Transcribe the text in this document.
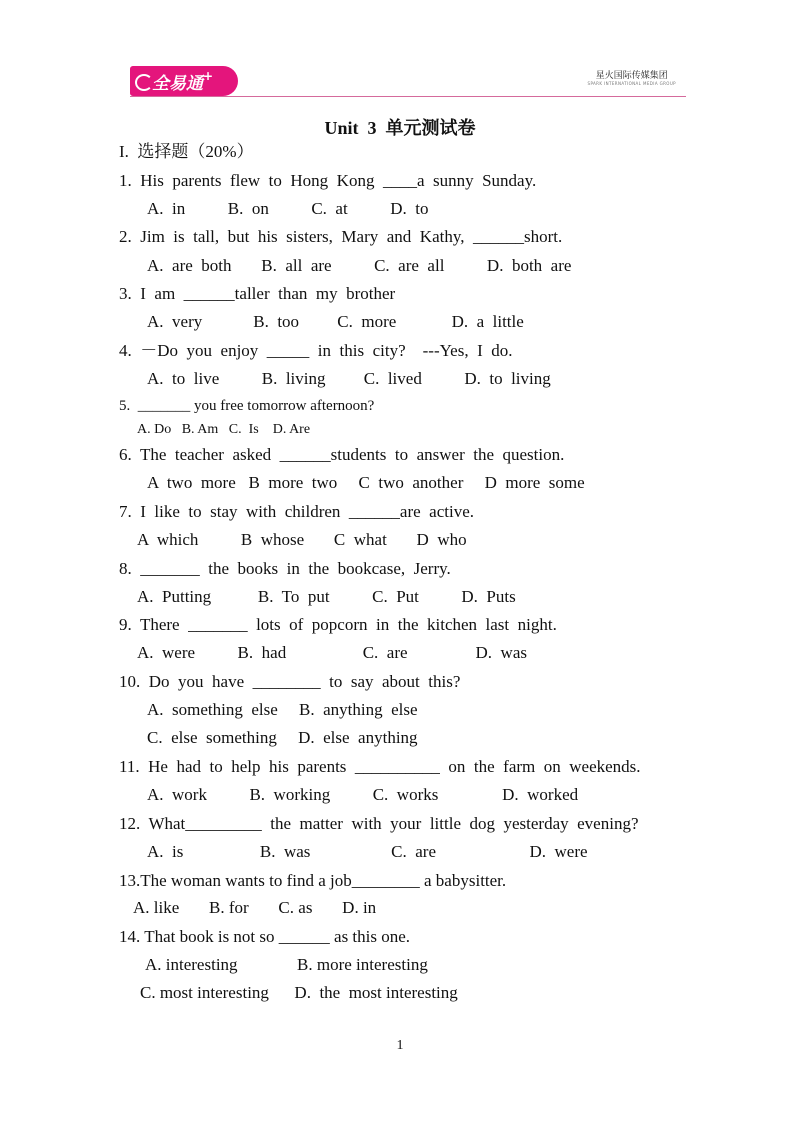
全易通+	星火国际传媒集团
SPARK INTERNATIONAL MEDIA GROUP
Unit  3  单元测试卷
I.  选择题（20%）
1.  His  parents  flew  to  Hong  Kong  ____a  sunny  Sunday.
A.  in          B.  on          C.  at          D.  to
2.  Jim  is  tall,  but  his  sisters,  Mary  and  Kathy,  ______short.
A.  are  both       B.  all  are          C.  are  all          D.  both  are
3.  I  am  ______taller  than  my  brother
A.  very            B.  too         C.  more             D.  a  little
4.  －Do  you  enjoy  _____  in  this  city?    ---Yes,  I  do.
A.  to  live          B.  living         C.  lived          D.  to  living
5.  _______ you free tomorrow afternoon?
A. Do   B. Am   C.  Is    D. Are
6.  The  teacher  asked  ______students  to  answer  the  question.
A  two  more   B  more  two     C  two  another     D  more  some
7.  I  like  to  stay  with  children  ______are  active.
A  which          B  whose       C  what       D  who
8.  _______  the  books  in  the  bookcase,  Jerry.
A.  Putting           B.  To  put          C.  Put          D.  Puts
9.  There  _______  lots  of  popcorn  in  the  kitchen  last  night.
A.  were          B.  had                  C.  are                D.  was
10.  Do  you  have  ________  to  say  about  this?
A.  something  else     B.  anything  else
C.  else  something     D.  else  anything
11.  He  had  to  help  his  parents  __________  on  the  farm  on  weekends.
A.  work          B.  working          C.  works               D.  worked
12.  What_________  the  matter  with  your  little  dog  yesterday  evening?
A.  is                  B.  was                   C.  are                      D.  were
13.The woman wants to find a job________ a babysitter.
A. like       B. for       C. as       D. in
14. That book is not so ______ as this one.
A. interesting              B. more interesting
C. most interesting      D.  the  most interesting
1
